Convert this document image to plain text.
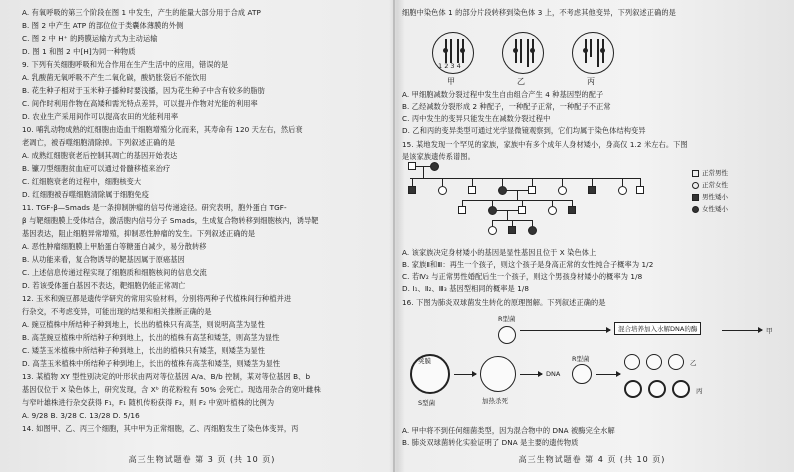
A. 有氧呼吸的第三个阶段在图 1 中发生，产生的能量大部分用于合成 ATP
B. 图 2 中产生 ATP 的部位位于类囊体薄膜的外侧
C. 图 2 中 H⁺ 的跨膜运输方式为主动运输
D. 图 1 和图 2 中[H]为同一种物质
9. 下列有关细胞呼吸和光合作用在生产生活中的应用，错误的是
A. 乳酸菌无氧呼吸不产生二氧化碳，酸奶胀袋后不能饮用
B. 花生种子相对于玉米种子播种时要浅播，因为花生种子中含有较多的脂肪
C. 间作时利用作物在高矮和需光特点差异，可以提升作物对光能的利用率
D. 农业生产采用间作可以提高农田的光能利用率
10. 哺乳动物成熟的红细胞由造血干细胞增殖分化而来，其寿命有 120 天左右，然后衰
老凋亡，被吞噬细胞清除掉。下列叙述正确的是
A. 成熟红细胞衰老后控制其凋亡的基因开始表达
B. 镰刀型细胞贫血症可以通过骨髓移植来治疗
C. 红细胞衰老的过程中，细胞核变大
D. 红细胞被吞噬细胞清除属于细胞免疫
11. TGF-β—Smads 是一条抑制肿瘤的信号传递途径。研究表明，胞外蛋白 TGF-
β 与靶细胞膜上受体结合，激活胞内信号分子 Smads，生成复合物转移到细胞核内，诱导靶
基因表达，阻止细胞异常增殖，抑制恶性肿瘤的发生。下列叙述正确的是
A. 恶性肿瘤细胞膜上甲胎蛋白等糖蛋白减少，易分散转移
B. 从功能来看，复合物诱导的靶基因属于原癌基因
C. 上述信息传递过程实现了细胞质和细胞核间的信息交流
D. 若该受体蛋白基因不表达，靶细胞仍能正常凋亡
12. 玉米和豌豆都是遗传学研究的常用实验材料，分别将两种子代植株间行种植并进
行杂交，不考虑变异，可能出现的结果和相关推断正确的是
A. 豌豆植株中所结种子种到地上，长出的植株只有高茎，则说明高茎为显性
B. 高茎豌豆植株中所结种子种到地上，长出的植株有高茎和矮茎，则高茎为显性
C. 矮茎玉米植株中所结种子种到地上，长出的植株只有矮茎，则矮茎为显性
D. 高茎玉米植株中所结种子种到地上，长出的植株有高茎和矮茎，则矮茎为显性
13. 某植物 XY 型性别决定的叶形状由两对等位基因 A/a、B/b 控制，某对等位基因 B、b
基因仅位于 X 染色体上，研究发现，含 Xᵇ 的花粉粒有 50% 会死亡。现选用杂合的宽叶雌株
与窄叶雄株进行杂交获得 F₁，F₁ 随机传粉获得 F₂，则 F₂ 中宽叶植株的比例为
A. 9/28 B. 3/28 C. 13/28 D. 5/16
14. 如图甲、乙、丙三个细胞，其中甲为正常细胞，乙、丙细胞发生了染色体变异，丙
高三生物试题卷 第 3 页 (共 10 页)
细胞中染色体 1 的部分片段转移到染色体 3 上，不考虑其他变异，下列叙述正确的是
甲
1 2 3 4
乙	丙
A. 甲细胞减数分裂过程中发生自由组合产生 4 种基因型的配子
B. 乙经减数分裂形成 2 种配子，一种配子正常，一种配子不正常
C. 丙中发生的变异只能发生在减数分裂过程中
D. 乙和丙的变异类型可通过光学显微镜观察到，它们均属于染色体结构变异
15. 某地发现一个罕见的家族，家族中有多个成年人身材矮小，身高仅 1.2 米左右。下图
是该家族遗传系谱图。
正常男性
正常女性
男性矮小
女性矮小
A. 该家族决定身材矮小的基因是显性基因且位于 X 染色体上
B. 家族Ⅱ和Ⅲ：再生一个孩子，则这个孩子是身高正常的女性纯合子概率为 1/2
C. 若Ⅳ₂ 与正常男性婚配后生一个孩子，则这个男孩身材矮小的概率为 1/8
D. Ⅰ₁、Ⅱ₂、Ⅲ₃ 基因型相同的概率是 1/8
16. 下图为肺炎双球菌发生转化的原理图解。下列叙述正确的是
R型菌
混合培养加入水解DNA的酶	甲
荚膜
S型菌	加热杀死
DNA
R型菌	乙
丙
A. 甲中将不到任何细菌类型，因为混合物中的 DNA 被酶完全水解
B. 肺炎双球菌转化实验证明了 DNA 是主要的遗传物质
高三生物试题卷 第 4 页 (共 10 页)
